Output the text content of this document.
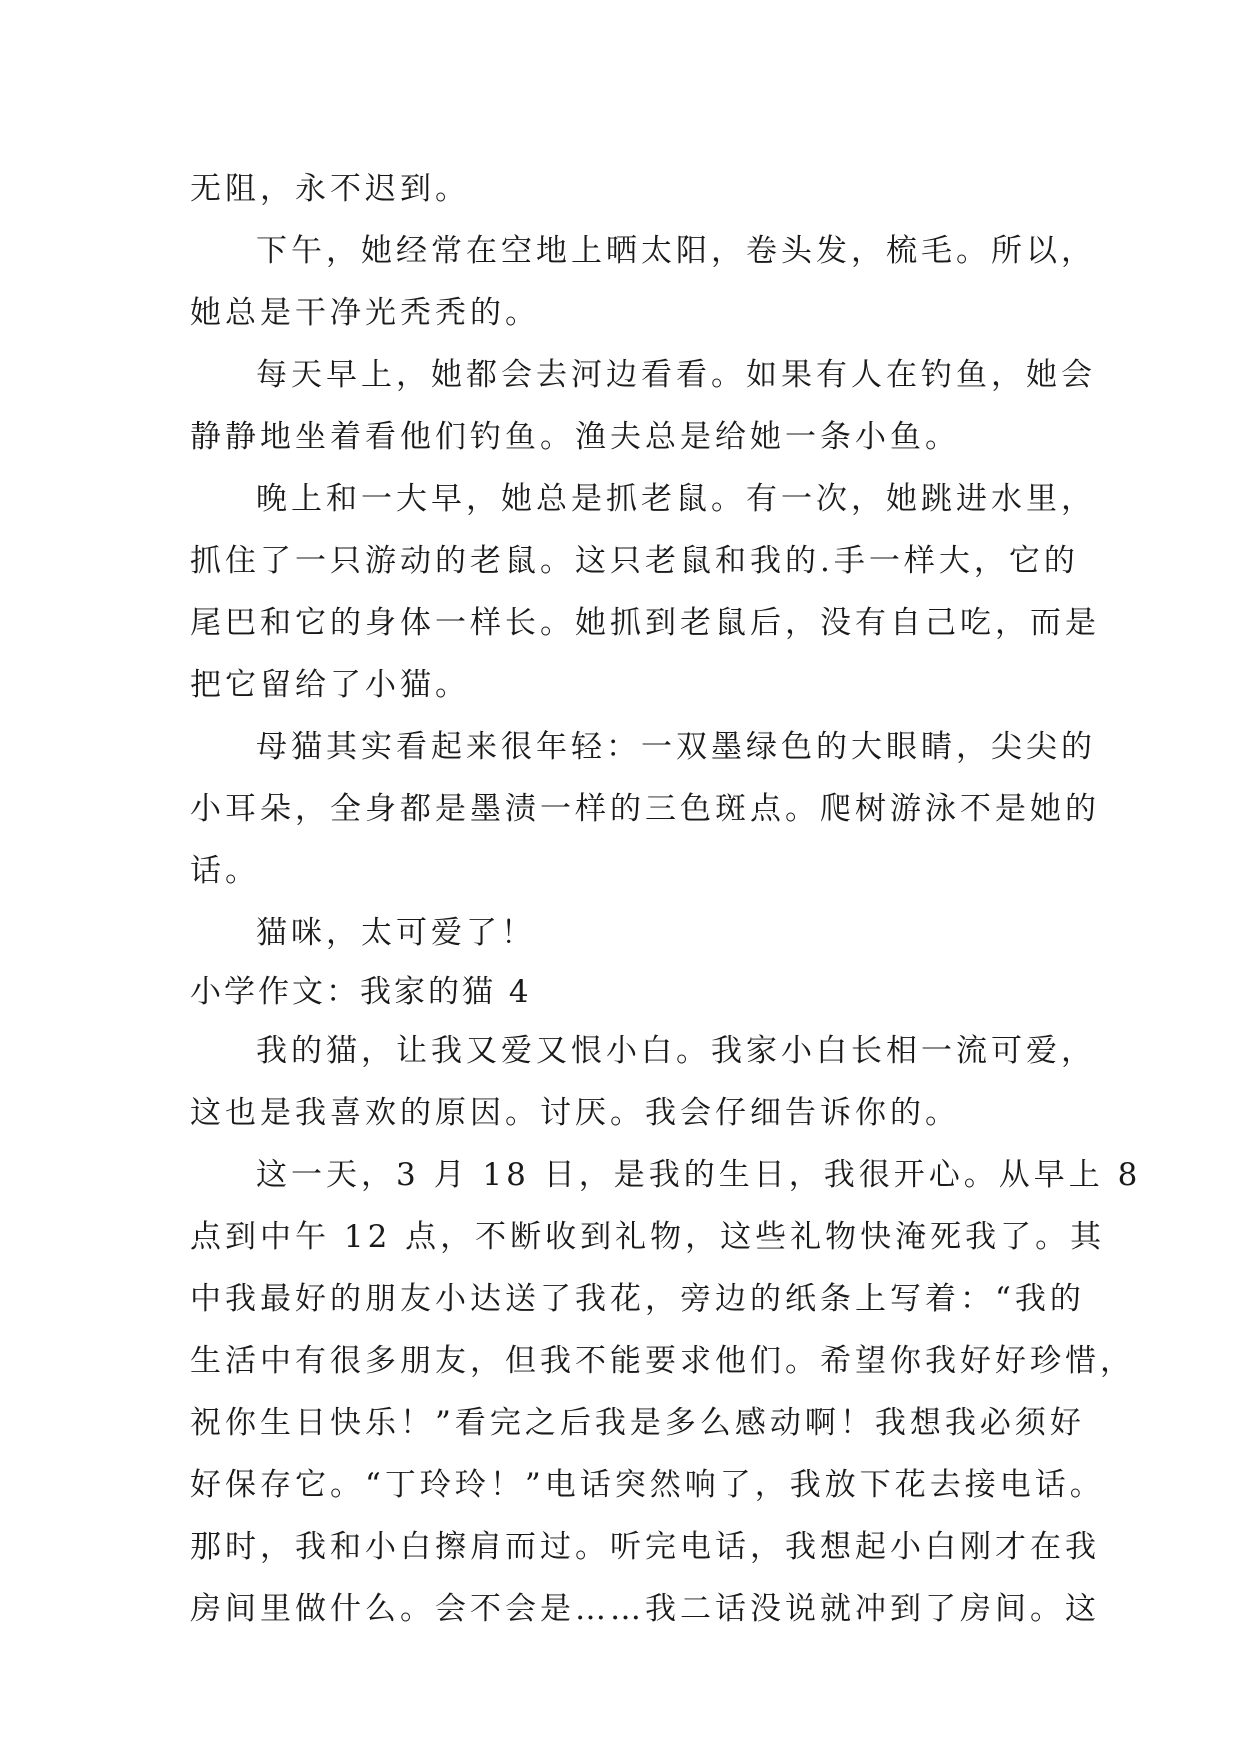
无阻，永不迟到。
下午，她经常在空地上晒太阳，卷头发，梳毛。所以，
她总是干净光秃秃的。
每天早上，她都会去河边看看。如果有人在钓鱼，她会
静静地坐着看他们钓鱼。渔夫总是给她一条小鱼。
晚上和一大早，她总是抓老鼠。有一次，她跳进水里，
抓住了一只游动的老鼠。这只老鼠和我的.手一样大，它的
尾巴和它的身体一样长。她抓到老鼠后，没有自己吃，而是
把它留给了小猫。
母猫其实看起来很年轻：一双墨绿色的大眼睛，尖尖的
小耳朵，全身都是墨渍一样的三色斑点。爬树游泳不是她的
话。
猫咪，太可爱了！
小学作文：我家的猫 4
我的猫，让我又爱又恨小白。我家小白长相一流可爱，
这也是我喜欢的原因。讨厌。我会仔细告诉你的。
这一天，3 月 18 日，是我的生日，我很开心。从早上 8
点到中午 12 点，不断收到礼物，这些礼物快淹死我了。其
中我最好的朋友小达送了我花，旁边的纸条上写着：“我的
生活中有很多朋友，但我不能要求他们。希望你我好好珍惜，
祝你生日快乐！”看完之后我是多么感动啊！我想我必须好
好保存它。“丁玲玲！”电话突然响了，我放下花去接电话。
那时，我和小白擦肩而过。听完电话，我想起小白刚才在我
房间里做什么。会不会是……我二话没说就冲到了房间。这
